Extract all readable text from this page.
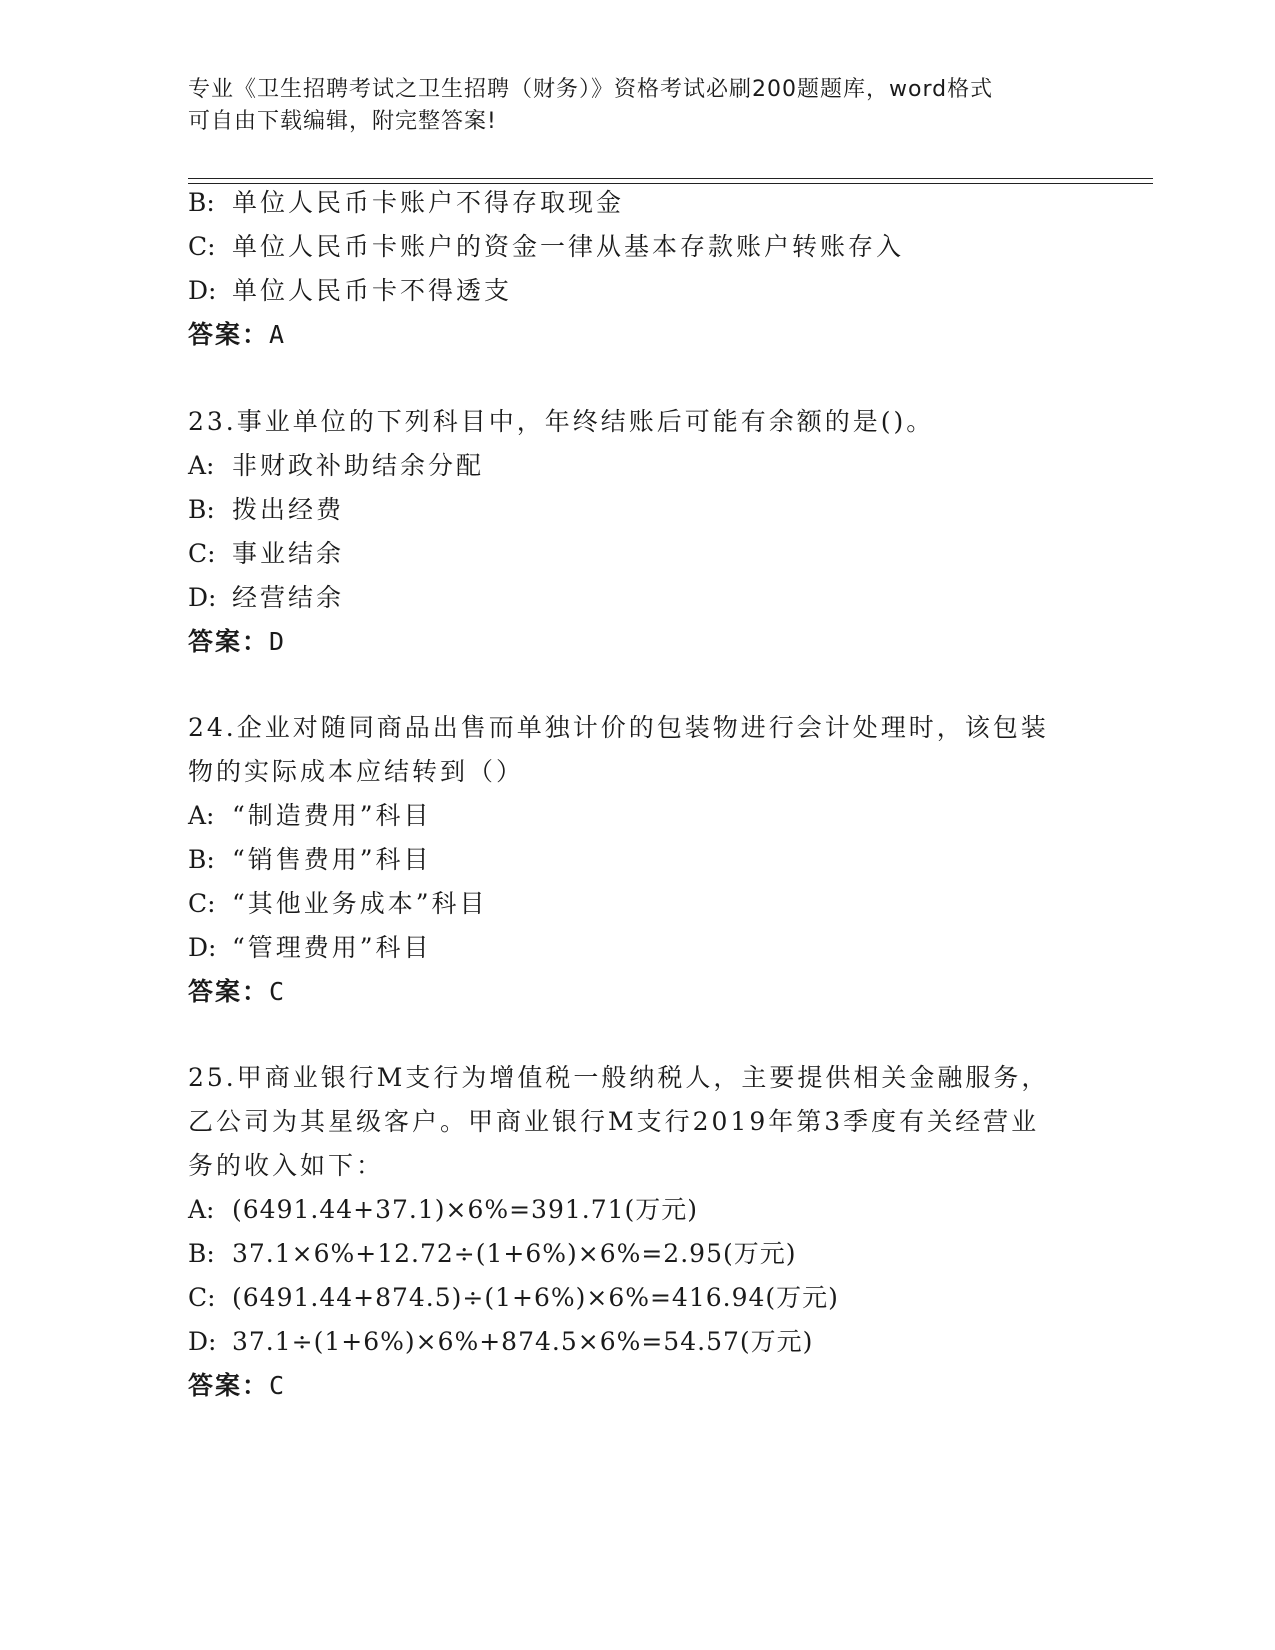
专业《卫生招聘考试之卫生招聘（财务）》资格考试必刷200题题库，word格式
可自由下载编辑，附完整答案!
B: 单位人民币卡账户不得存取现金
C: 单位人民币卡账户的资金一律从基本存款账户转账存入
D: 单位人民币卡不得透支
答案：A
23.事业单位的下列科目中，年终结账后可能有余额的是()。
A: 非财政补助结余分配
B: 拨出经费
C: 事业结余
D: 经营结余
答案：D
24.企业对随同商品出售而单独计价的包装物进行会计处理时，该包装
物的实际成本应结转到（）
A: “制造费用”科目
B: “销售费用”科目
C: “其他业务成本”科目
D: “管理费用”科目
答案：C
25.甲商业银行M支行为增值税一般纳税人，主要提供相关金融服务，
乙公司为其星级客户。甲商业银行M支行2019年第3季度有关经营业
务的收入如下：
A: (6491.44+37.1)×6%=391.71(万元)
B: 37.1×6%+12.72÷(1+6%)×6%=2.95(万元)
C: (6491.44+874.5)÷(1+6%)×6%=416.94(万元)
D: 37.1÷(1+6%)×6%+874.5×6%=54.57(万元)
答案：C
